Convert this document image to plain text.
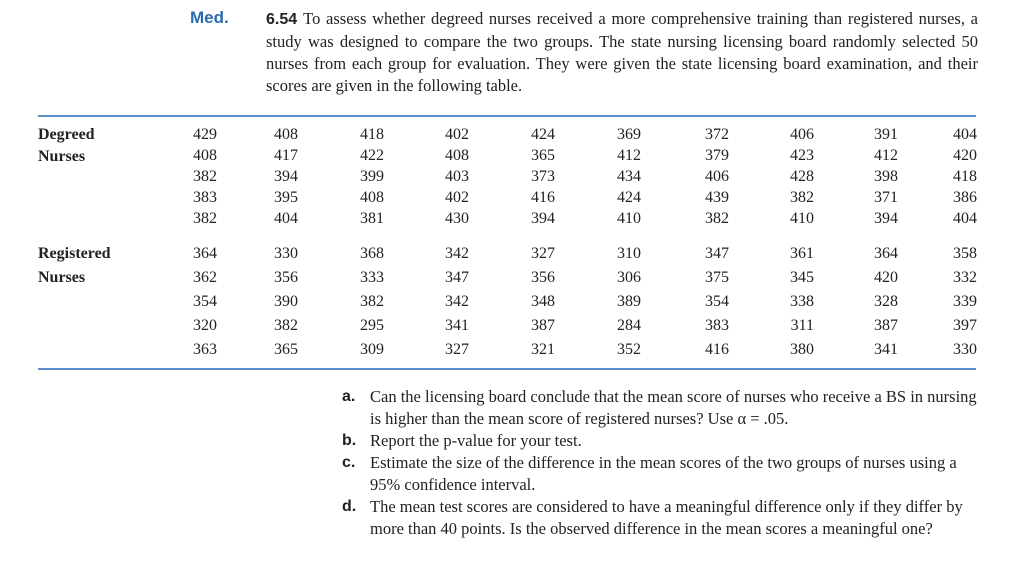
Med. 6.54 To assess whether degreed nurses received a more comprehensive training than registered nurses, a study was designed to compare the two groups. The state nursing licensing board randomly selected 50 nurses from each group for evaluation. They were given the state licensing board examination, and their scores are given in the following table.
Degreed
Nurses
429	408	418	402	424	369	372	406	391	404
408	417	422	408	365	412	379	423	412	420
382	394	399	403	373	434	406	428	398	418
383	395	408	402	416	424	439	382	371	386
382	404	381	430	394	410	382	410	394	404
Registered
Nurses
364	330	368	342	327	310	347	361	364	358
362	356	333	347	356	306	375	345	420	332
354	390	382	342	348	389	354	338	328	339
320	382	295	341	387	284	383	311	387	397
363	365	309	327	321	352	416	380	341	330
a. Can the licensing board conclude that the mean score of nurses who receive a BS in nursing is higher than the mean score of registered nurses? Use α = .05.
b. Report the p-value for your test.
c. Estimate the size of the difference in the mean scores of the two groups of nurses using a 95% confidence interval.
d. The mean test scores are considered to have a meaningful difference only if they differ by more than 40 points. Is the observed difference in the mean scores a meaningful one?
